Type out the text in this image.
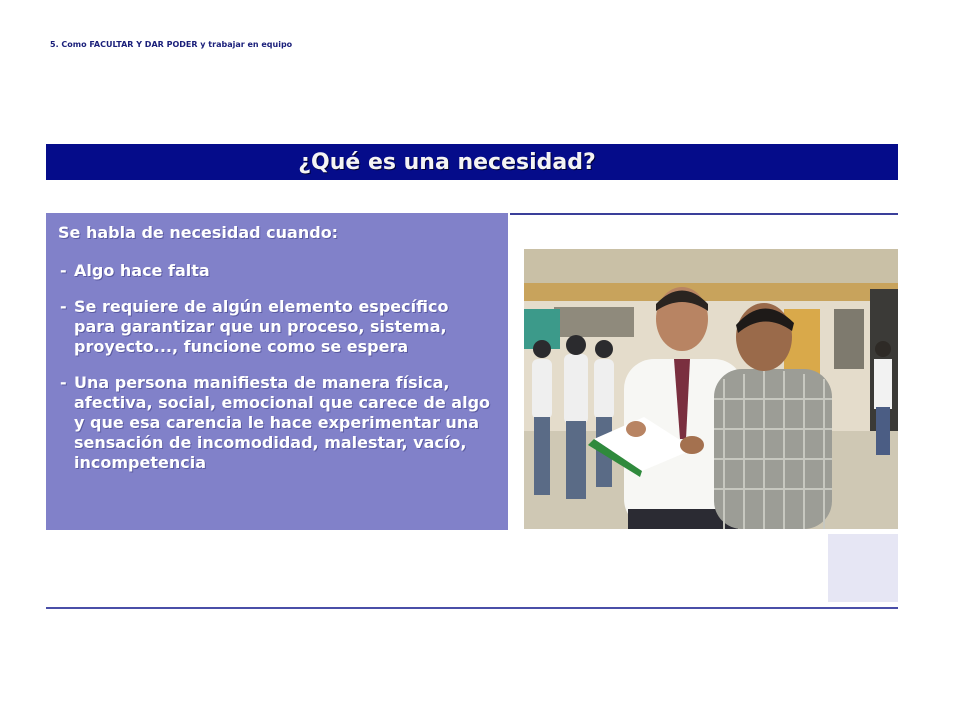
5. Como FACULTAR Y DAR PODER y trabajar en equipo
¿Qué es una necesidad?
Se habla de necesidad cuando:
- Algo hace falta
- Se requiere de algún elemento específico para garantizar que un proceso, sistema, proyecto..., funcione como se espera
- Una persona manifiesta de manera física, afectiva, social, emocional que carece de algo y que esa carencia le hace experimentar una sensación de incomodidad, malestar, vacío, incompetencia
